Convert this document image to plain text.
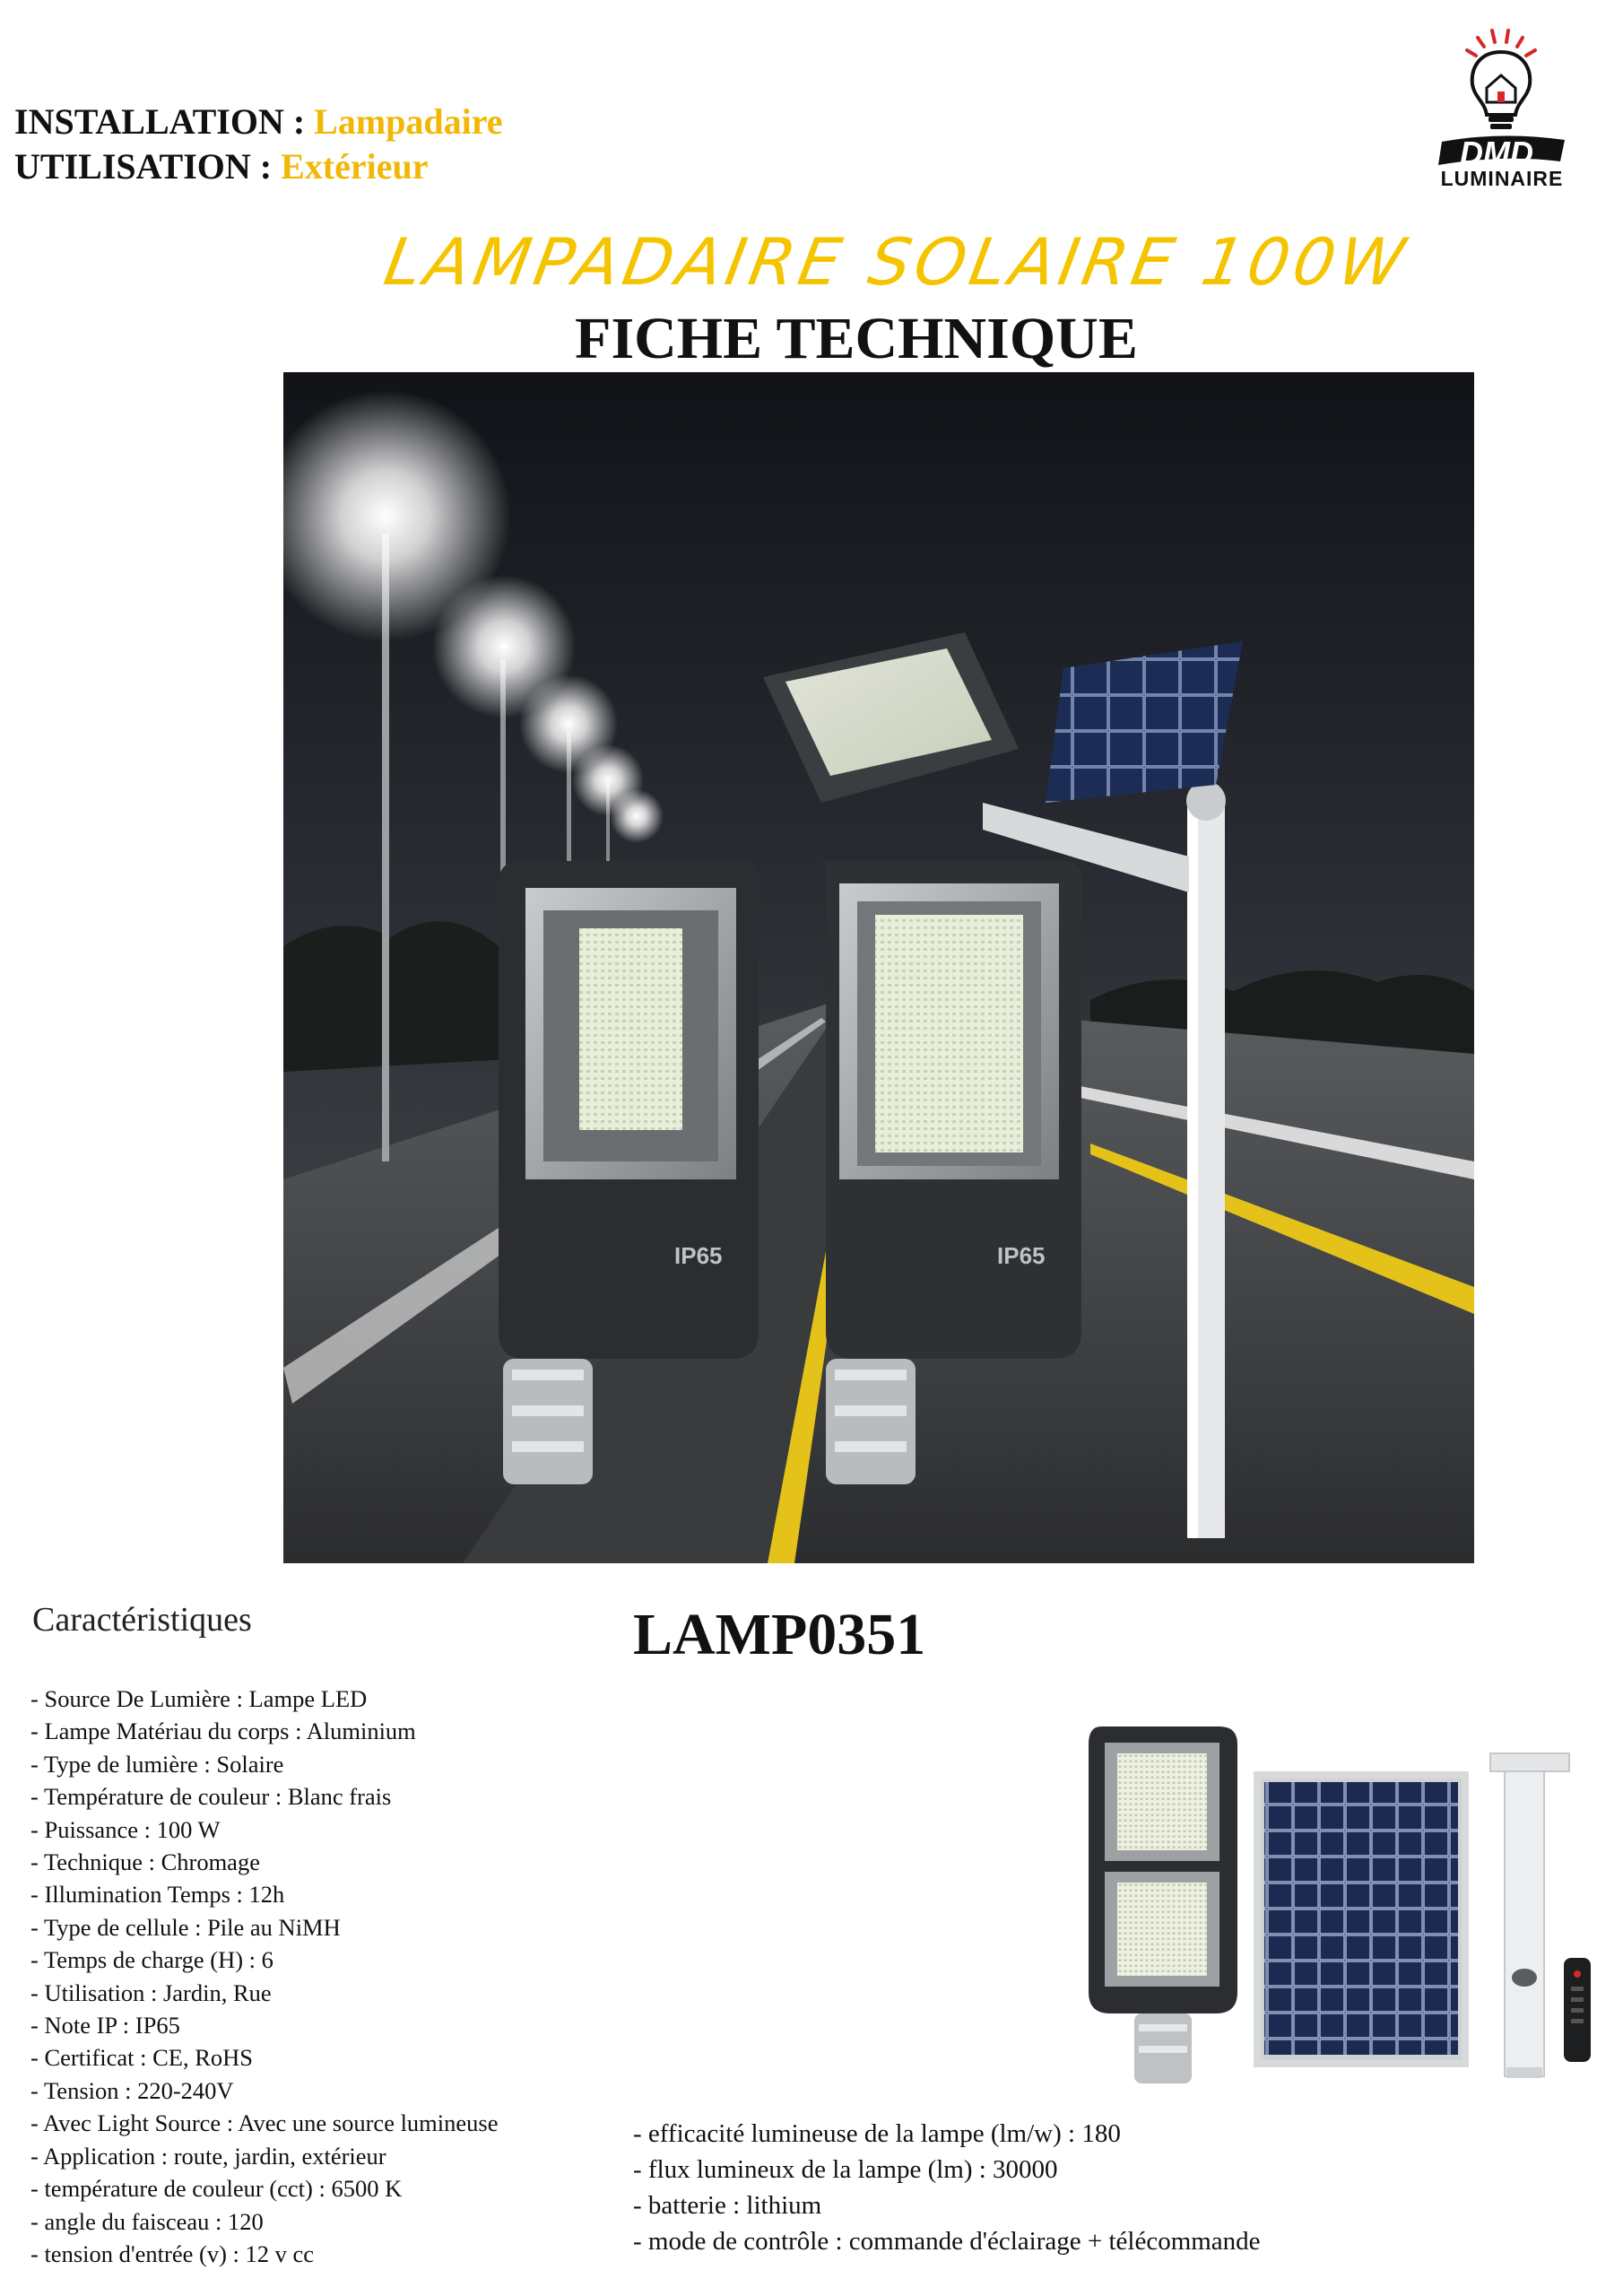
INSTALLATION : Lampadaire
UTILISATION : Extérieur	DMD
LUMINAIRE
LAMPADAIRE SOLAIRE 100W
FICHE TECHNIQUE
IP65	IP65
Caractéristiques	LAMP0351
- Source De Lumière : Lampe LED
- Lampe Matériau du corps : Aluminium
- Type de lumière : Solaire
- Température de couleur : Blanc frais
- Puissance : 100 W
- Technique : Chromage
- Illumination Temps : 12h
- Type de cellule : Pile au NiMH
- Temps de charge (H) : 6
- Utilisation : Jardin, Rue
- Note IP : IP65
- Certificat : CE, RoHS
- Tension : 220-240V
- Avec Light Source : Avec une source lumineuse
- Application : route, jardin, extérieur
- température de couleur (cct) : 6500 K
- angle du faisceau : 120
- tension d'entrée (v) : 12 v cc
- efficacité lumineuse de la lampe (lm/w) : 180
- flux lumineux de la lampe (lm) : 30000
- batterie : lithium
- mode de contrôle : commande d'éclairage + télécommande
